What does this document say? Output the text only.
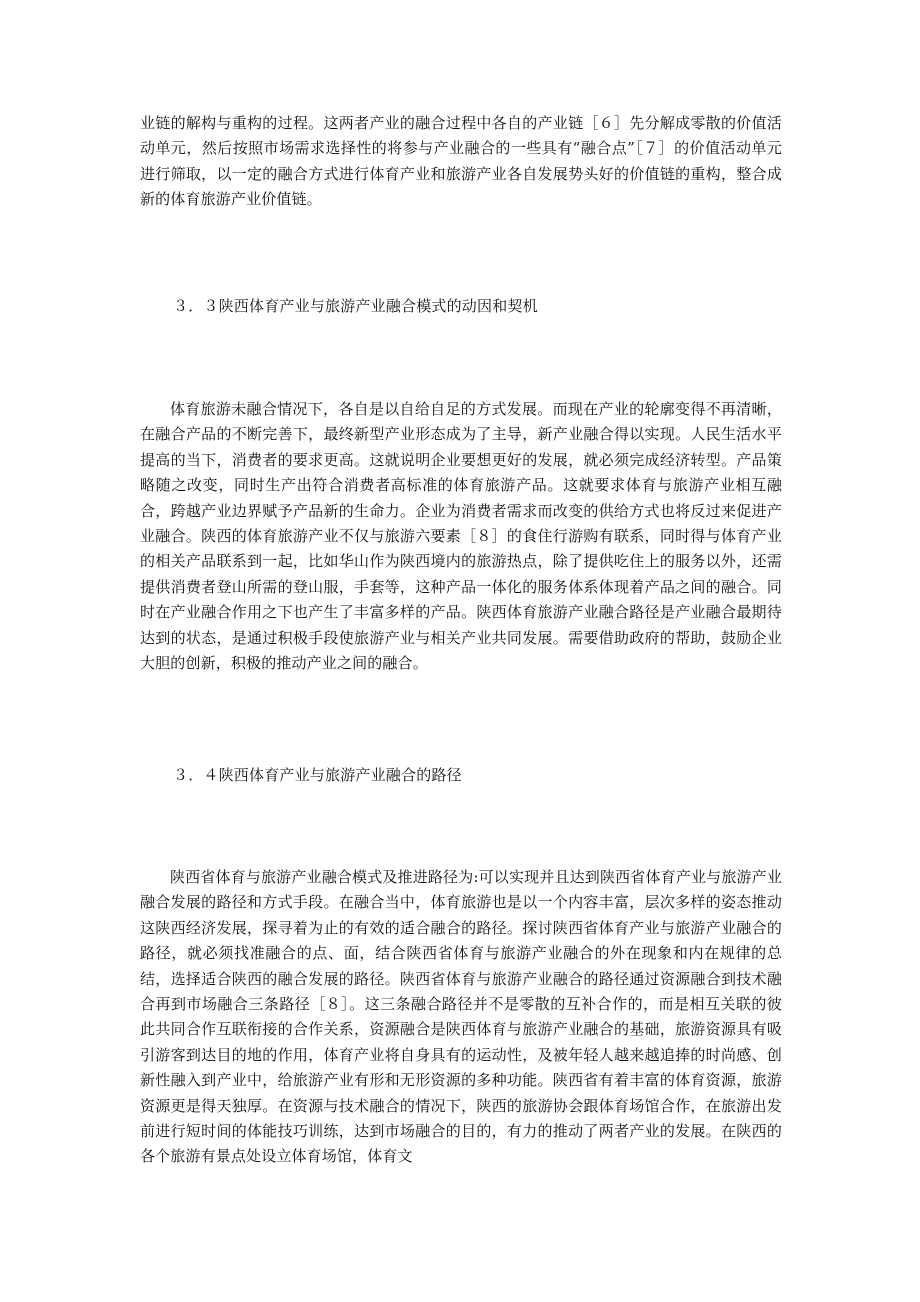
业链的解构与重构的过程。这两者产业的融合过程中各自的产业链［６］先分解成零散的价值活动单元，然后按照市场需求选择性的将参与产业融合的一些具有“融合点”［７］的价值活动单元进行筛取，以一定的融合方式进行体育产业和旅游产业各自发展势头好的价值链的重构，整合成新的体育旅游产业价值链。

３．３陕西体育产业与旅游产业融合模式的动因和契机

体育旅游未融合情况下，各自是以自给自足的方式发展。而现在产业的轮廓变得不再清晰，在融合产品的不断完善下，最终新型产业形态成为了主导，新产业融合得以实现。人民生活水平提高的当下，消费者的要求更高。这就说明企业要想更好的发展，就必须完成经济转型。产品策略随之改变，同时生产出符合消费者高标准的体育旅游产品。这就要求体育与旅游产业相互融合，跨越产业边界赋予产品新的生命力。企业为消费者需求而改变的供给方式也将反过来促进产业融合。陕西的体育旅游产业不仅与旅游六要素［８］的食住行游购有联系，同时得与体育产业的相关产品联系到一起，比如华山作为陕西境内的旅游热点，除了提供吃住上的服务以外，还需提供消费者登山所需的登山服，手套等，这种产品一体化的服务体系体现着产品之间的融合。同时在产业融合作用之下也产生了丰富多样的产品。陕西体育旅游产业融合路径是产业融合最期待达到的状态，是通过积极手段使旅游产业与相关产业共同发展。需要借助政府的帮助，鼓励企业大胆的创新，积极的推动产业之间的融合。

３．４陕西体育产业与旅游产业融合的路径

陕西省体育与旅游产业融合模式及推进路径为:可以实现并且达到陕西省体育产业与旅游产业融合发展的路径和方式手段。在融合当中，体育旅游也是以一个内容丰富，层次多样的姿态推动这陕西经济发展，探寻着为止的有效的适合融合的路径。探讨陕西省体育产业与旅游产业融合的路径，就必须找准融合的点、面，结合陕西省体育与旅游产业融合的外在现象和内在规律的总结，选择适合陕西的融合发展的路径。陕西省体育与旅游产业融合的路径通过资源融合到技术融合再到市场融合三条路径［８］。这三条融合路径并不是零散的互补合作的，而是相互关联的彼此共同合作互联衔接的合作关系，资源融合是陕西体育与旅游产业融合的基础，旅游资源具有吸引游客到达目的地的作用，体育产业将自身具有的运动性，及被年轻人越来越追捧的时尚感、创新性融入到产业中，给旅游产业有形和无形资源的多种功能。陕西省有着丰富的体育资源，旅游资源更是得天独厚。在资源与技术融合的情况下，陕西的旅游协会跟体育场馆合作，在旅游出发前进行短时间的体能技巧训练，达到市场融合的目的，有力的推动了两者产业的发展。在陕西的各个旅游有景点处设立体育场馆，体育文
